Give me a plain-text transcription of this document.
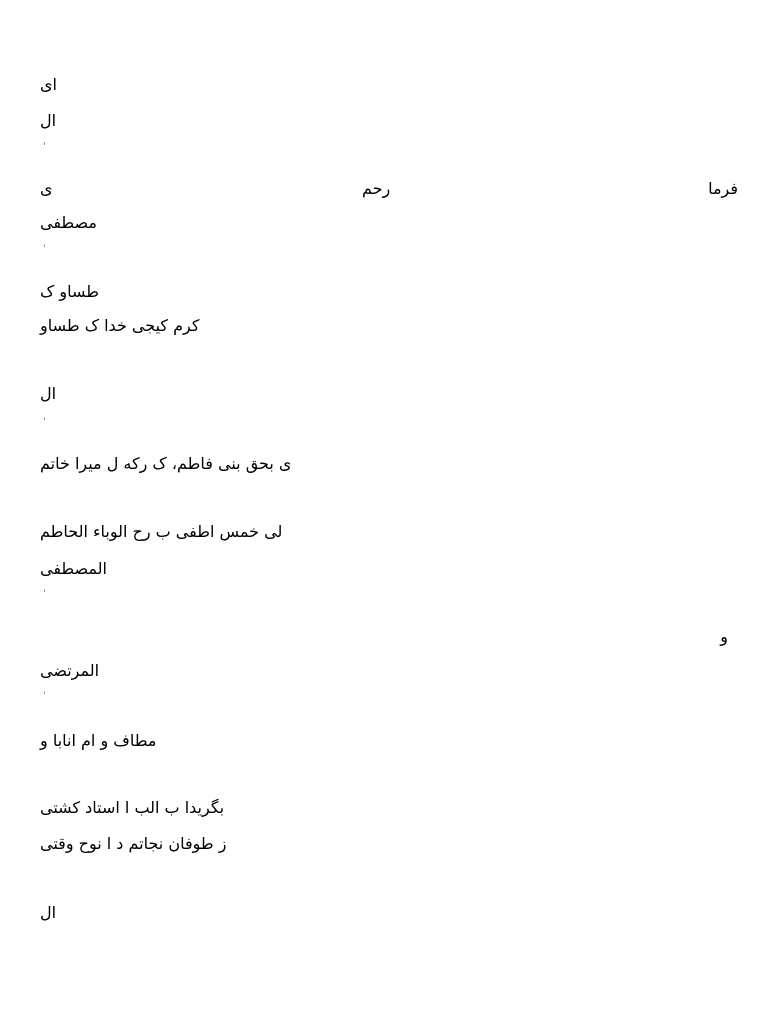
ای
ال
ˈ
ی	رحم	فرما
مصطفی
ˈ
طساو ک
کرم کیجی خدا ک طساو
ال
ˈ
ی بحق بنی فاطم، ک رکه ل میرا خاتم
لی خمس اطفی ب رح الوباء الحاطم
المصطفی
ˈ
و
المرتضی
ˈ
مطاف و ام انابا و
بگریدا ب الب ا استاد کشتی
ز طوفان نجاتم د ا نوح وقتی
ال
